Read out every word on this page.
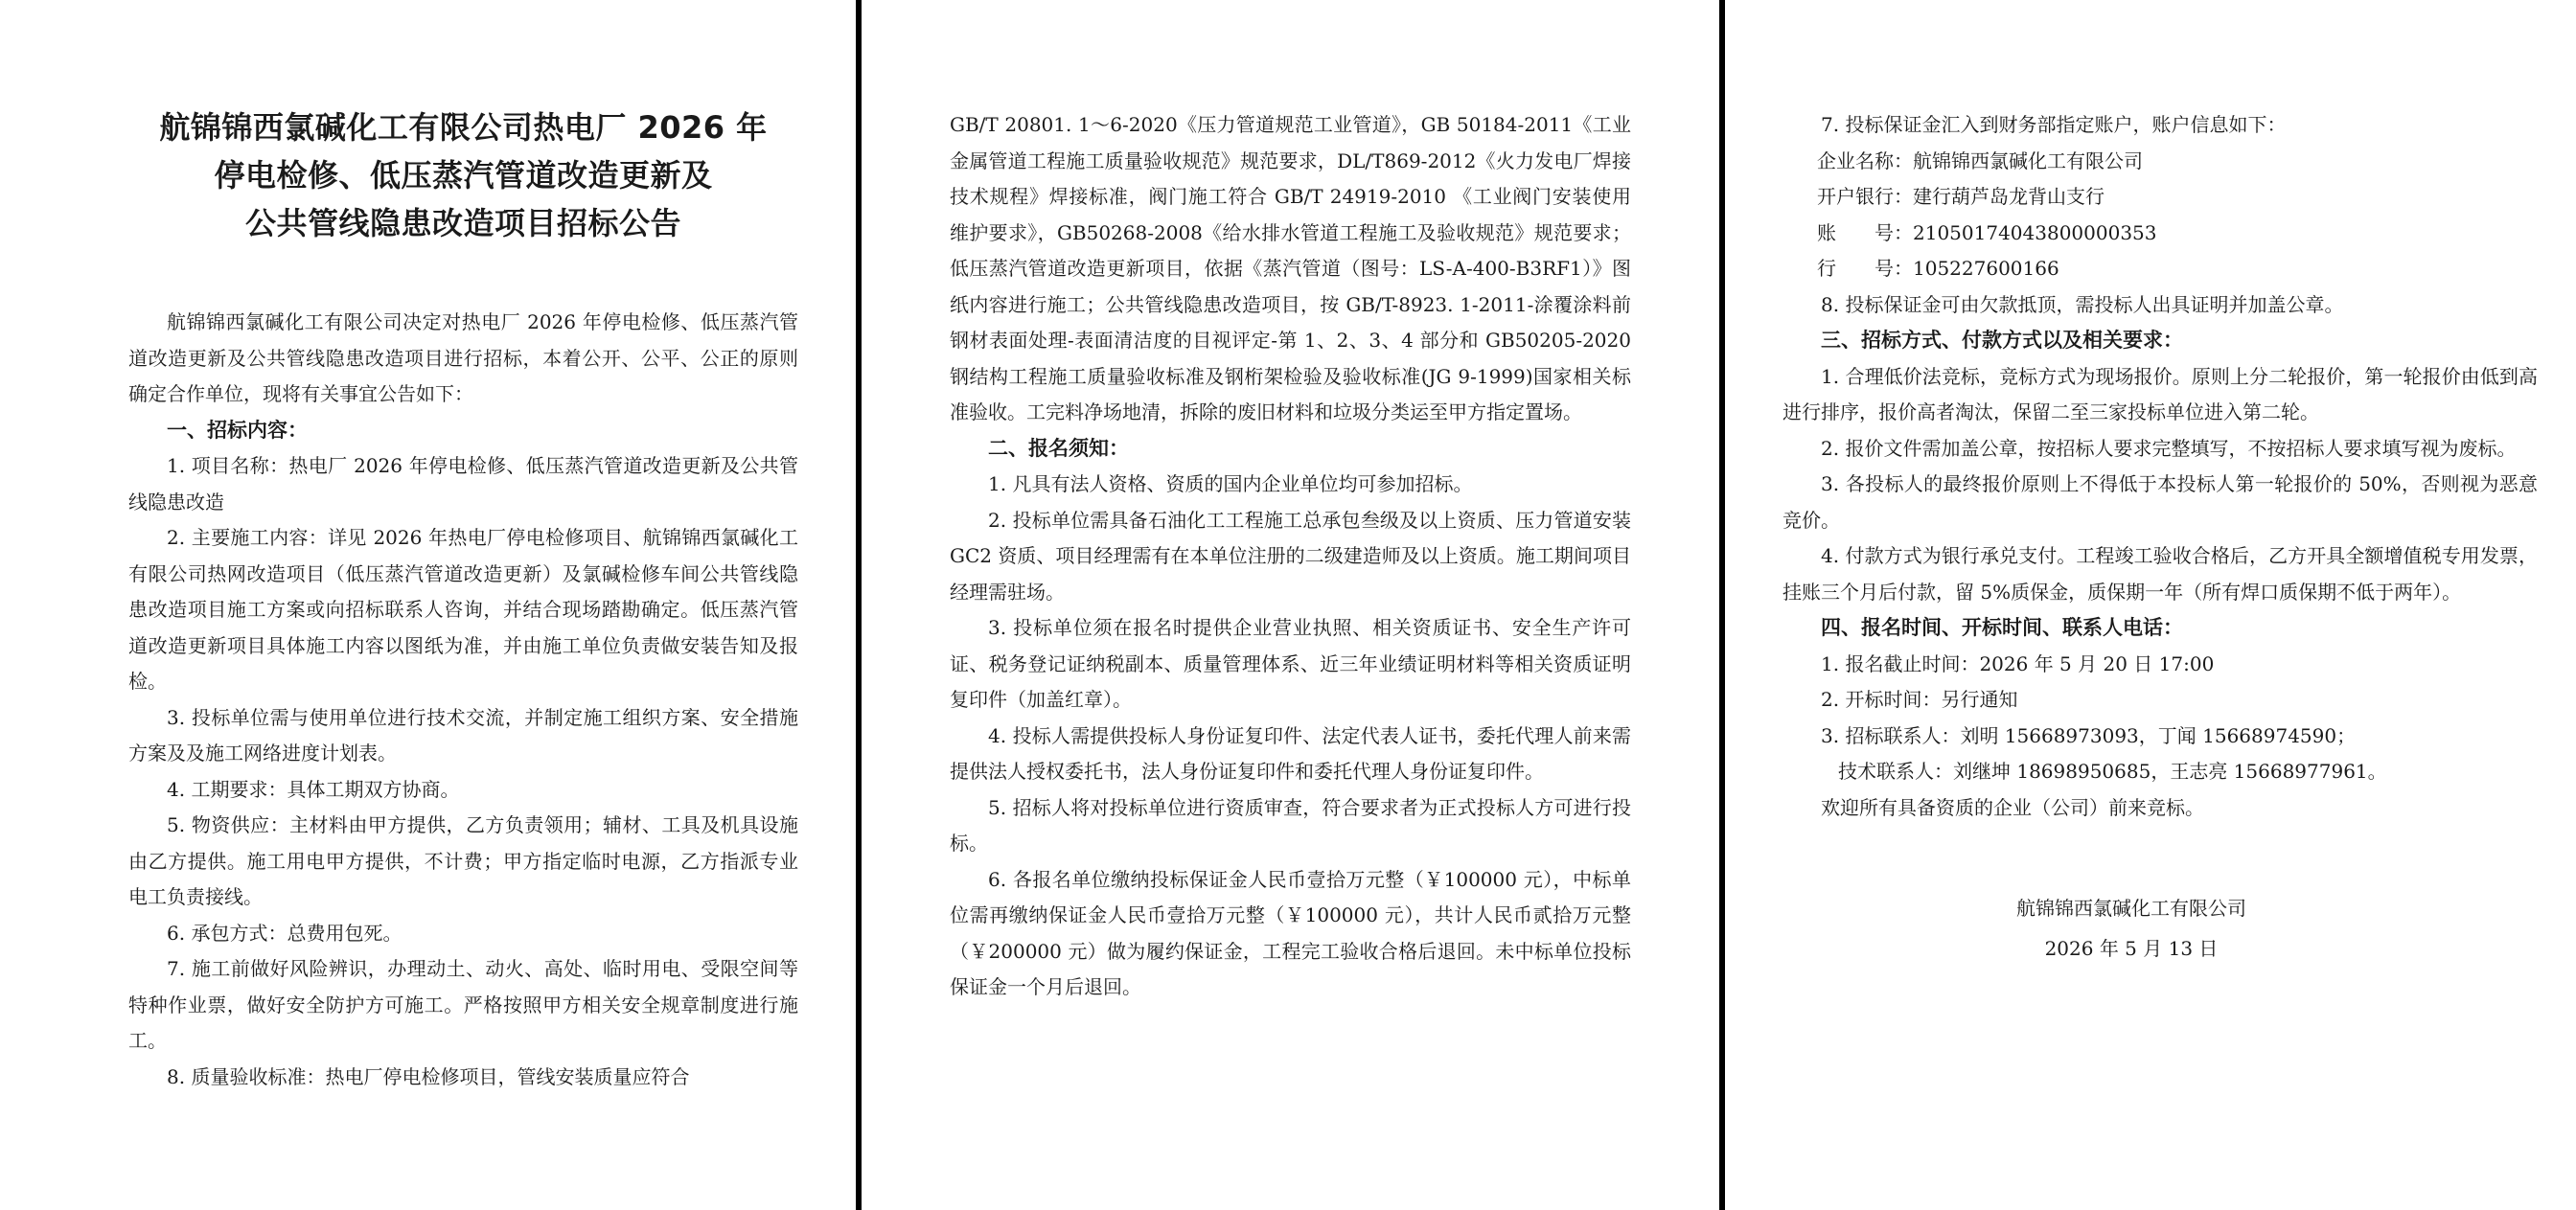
航锦锦西氯碱化工有限公司热电厂 2026 年
停电检修、低压蒸汽管道改造更新及
公共管线隐患改造项目招标公告

航锦锦西氯碱化工有限公司决定对热电厂 2026 年停电检修、低压蒸汽管道改造更新及公共管线隐患改造项目进行招标，本着公开、公平、公正的原则确定合作单位，现将有关事宜公告如下：

一、招标内容：

1. 项目名称：热电厂 2026 年停电检修、低压蒸汽管道改造更新及公共管线隐患改造

2. 主要施工内容：详见 2026 年热电厂停电检修项目、航锦锦西氯碱化工有限公司热网改造项目（低压蒸汽管道改造更新）及氯碱检修车间公共管线隐患改造项目施工方案或向招标联系人咨询，并结合现场踏勘确定。低压蒸汽管道改造更新项目具体施工内容以图纸为准，并由施工单位负责做安装告知及报检。

3. 投标单位需与使用单位进行技术交流，并制定施工组织方案、安全措施方案及及施工网络进度计划表。

4. 工期要求：具体工期双方协商。

5. 物资供应：主材料由甲方提供，乙方负责领用；辅材、工具及机具设施由乙方提供。施工用电甲方提供，不计费；甲方指定临时电源，乙方指派专业电工负责接线。

6. 承包方式：总费用包死。

7. 施工前做好风险辨识，办理动土、动火、高处、临时用电、受限空间等特种作业票，做好安全防护方可施工。严格按照甲方相关安全规章制度进行施工。

8. 质量验收标准：热电厂停电检修项目，管线安装质量应符合

GB/T 20801. 1～6-2020《压力管道规范工业管道》，GB 50184-2011《工业金属管道工程施工质量验收规范》规范要求，DL/T869-2012《火力发电厂焊接技术规程》焊接标准，阀门施工符合 GB/T 24919-2010 《工业阀门安装使用维护要求》，GB50268-2008《给水排水管道工程施工及验收规范》规范要求；低压蒸汽管道改造更新项目，依据《蒸汽管道（图号：LS-A-400-B3RF1）》图纸内容进行施工；公共管线隐患改造项目，按 GB/T-8923. 1-2011-涂覆涂料前钢材表面处理-表面清洁度的目视评定-第 1、2、3、4 部分和 GB50205-2020 钢结构工程施工质量验收标准及钢桁架检验及验收标准(JG 9-1999)国家相关标准验收。工完料净场地清，拆除的废旧材料和垃圾分类运至甲方指定置场。

二、报名须知：

1. 凡具有法人资格、资质的国内企业单位均可参加招标。

2. 投标单位需具备石油化工工程施工总承包叁级及以上资质、压力管道安装 GC2 资质、项目经理需有在本单位注册的二级建造师及以上资质。施工期间项目经理需驻场。

3. 投标单位须在报名时提供企业营业执照、相关资质证书、安全生产许可证、税务登记证纳税副本、质量管理体系、近三年业绩证明材料等相关资质证明复印件（加盖红章）。

4. 投标人需提供投标人身份证复印件、法定代表人证书，委托代理人前来需提供法人授权委托书，法人身份证复印件和委托代理人身份证复印件。

5. 招标人将对投标单位进行资质审查，符合要求者为正式投标人方可进行投标。

6. 各报名单位缴纳投标保证金人民币壹拾万元整（￥100000 元），中标单位需再缴纳保证金人民币壹拾万元整（￥100000 元），共计人民币贰拾万元整（￥200000 元）做为履约保证金，工程完工验收合格后退回。未中标单位投标保证金一个月后退回。

7. 投标保证金汇入到财务部指定账户，账户信息如下：

企业名称：航锦锦西氯碱化工有限公司

开户银行：建行葫芦岛龙背山支行

账　　号：21050174043800000353

行　　号：105227600166

8. 投标保证金可由欠款抵顶，需投标人出具证明并加盖公章。

三、招标方式、付款方式以及相关要求：

1. 合理低价法竞标，竞标方式为现场报价。原则上分二轮报价，第一轮报价由低到高进行排序，报价高者淘汰，保留二至三家投标单位进入第二轮。

2. 报价文件需加盖公章，按招标人要求完整填写，不按招标人要求填写视为废标。

3. 各投标人的最终报价原则上不得低于本投标人第一轮报价的 50%，否则视为恶意竞价。

4. 付款方式为银行承兑支付。工程竣工验收合格后，乙方开具全额增值税专用发票，挂账三个月后付款，留 5%质保金，质保期一年（所有焊口质保期不低于两年）。

四、报名时间、开标时间、联系人电话：

1. 报名截止时间：2026 年 5 月 20 日 17:00

2. 开标时间：另行通知

3. 招标联系人：刘明 15668973093，丁闻 15668974590；

技术联系人：刘继坤 18698950685，王志亮 15668977961。

欢迎所有具备资质的企业（公司）前来竞标。

航锦锦西氯碱化工有限公司

2026 年 5 月 13 日
